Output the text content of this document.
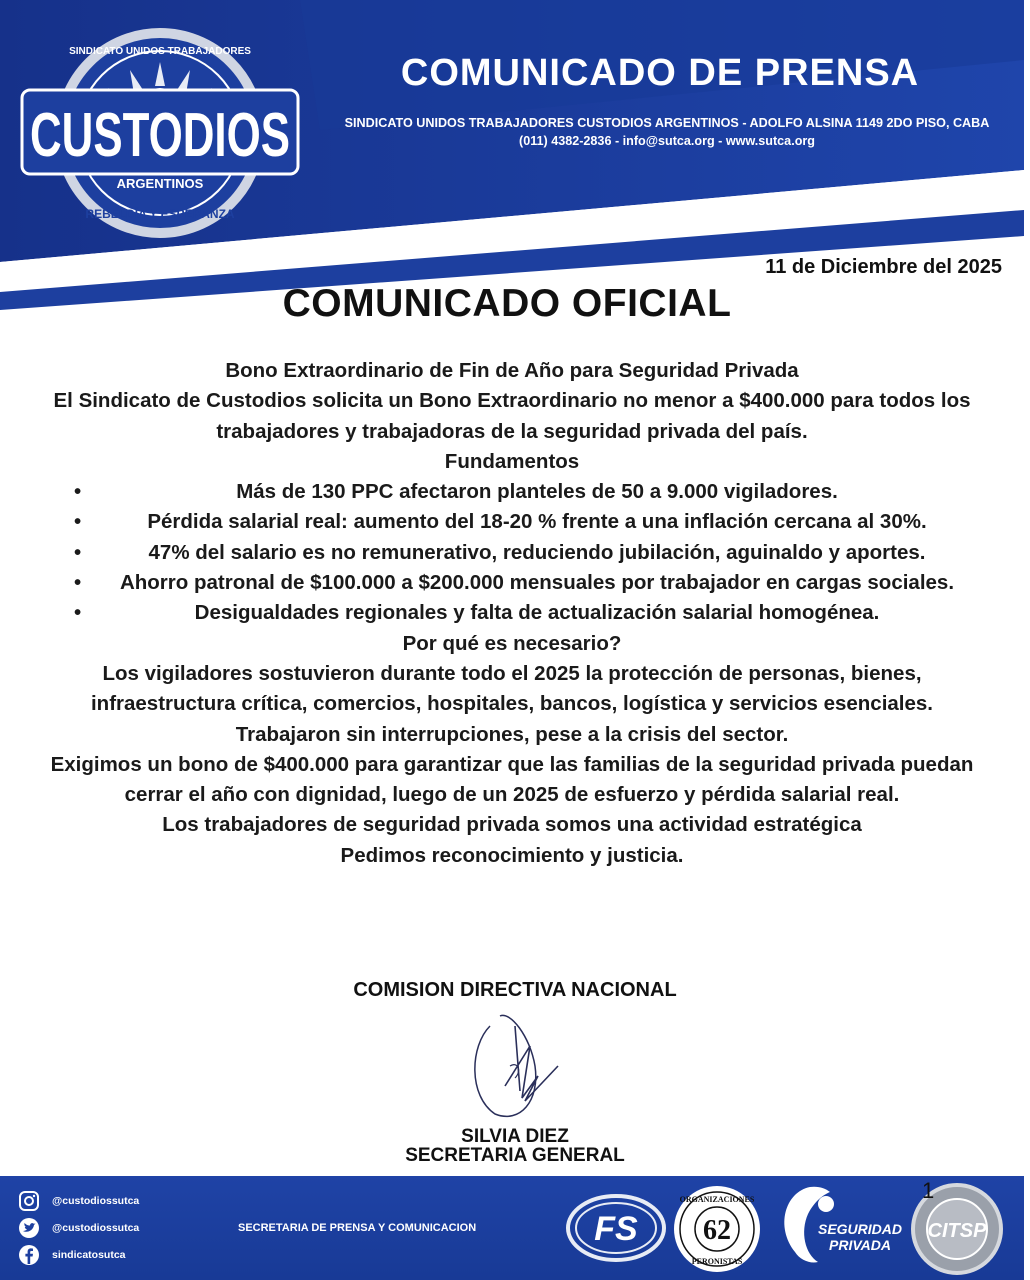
CUSTODIOS
ARGENTINOS
SINDICATO UNIDOS TRABAJADORES
REBELDÍA Y ESPERANZA
COMUNICADO DE PRENSA
SINDICATO UNIDOS TRABAJADORES CUSTODIOS ARGENTINOS - ADOLFO ALSINA 1149 2DO PISO, CABA
(011) 4382-2836 - info@sutca.org - www.sutca.org
11 de Diciembre del 2025
COMUNICADO OFICIAL

Bono Extraordinario de Fin de Año para Seguridad Privada

El Sindicato de Custodios solicita un Bono Extraordinario no menor a $400.000 para todos los trabajadores y trabajadoras de la seguridad privada del país.

Fundamentos

•	Más de 130 PPC afectaron planteles de 50 a 9.000 vigiladores.
•	Pérdida salarial real: aumento del 18-20 % frente a una inflación cercana al 30%.
•	47% del salario es no remunerativo, reduciendo jubilación, aguinaldo y aportes.
• Ahorro patronal de $100.000 a $200.000 mensuales por trabajador en cargas sociales.
•	Desigualdades regionales y falta de actualización salarial homogénea.

Por qué es necesario?

Los vigiladores sostuvieron durante todo el 2025 la protección de personas, bienes, infraestructura crítica, comercios, hospitales, bancos, logística y servicios esenciales.

Trabajaron sin interrupciones, pese a la crisis del sector.

Exigimos un bono de $400.000 para garantizar que las familias de la seguridad privada puedan cerrar el año con dignidad, luego de un 2025 de esfuerzo y pérdida salarial real.

Los trabajadores de seguridad privada somos una actividad estratégica

Pedimos reconocimiento y justicia.

COMISION DIRECTIVA NACIONAL
SILVIA DIEZ
SECRETARIA GENERAL
@custodiossutca
@custodiossutca
sindicatosutca
SECRETARIA DE PRENSA Y COMUNICACION	FS 62
ORGANIZACIONES
PERONISTAS
SEGURIDAD
PRIVADA
CITSP
1
